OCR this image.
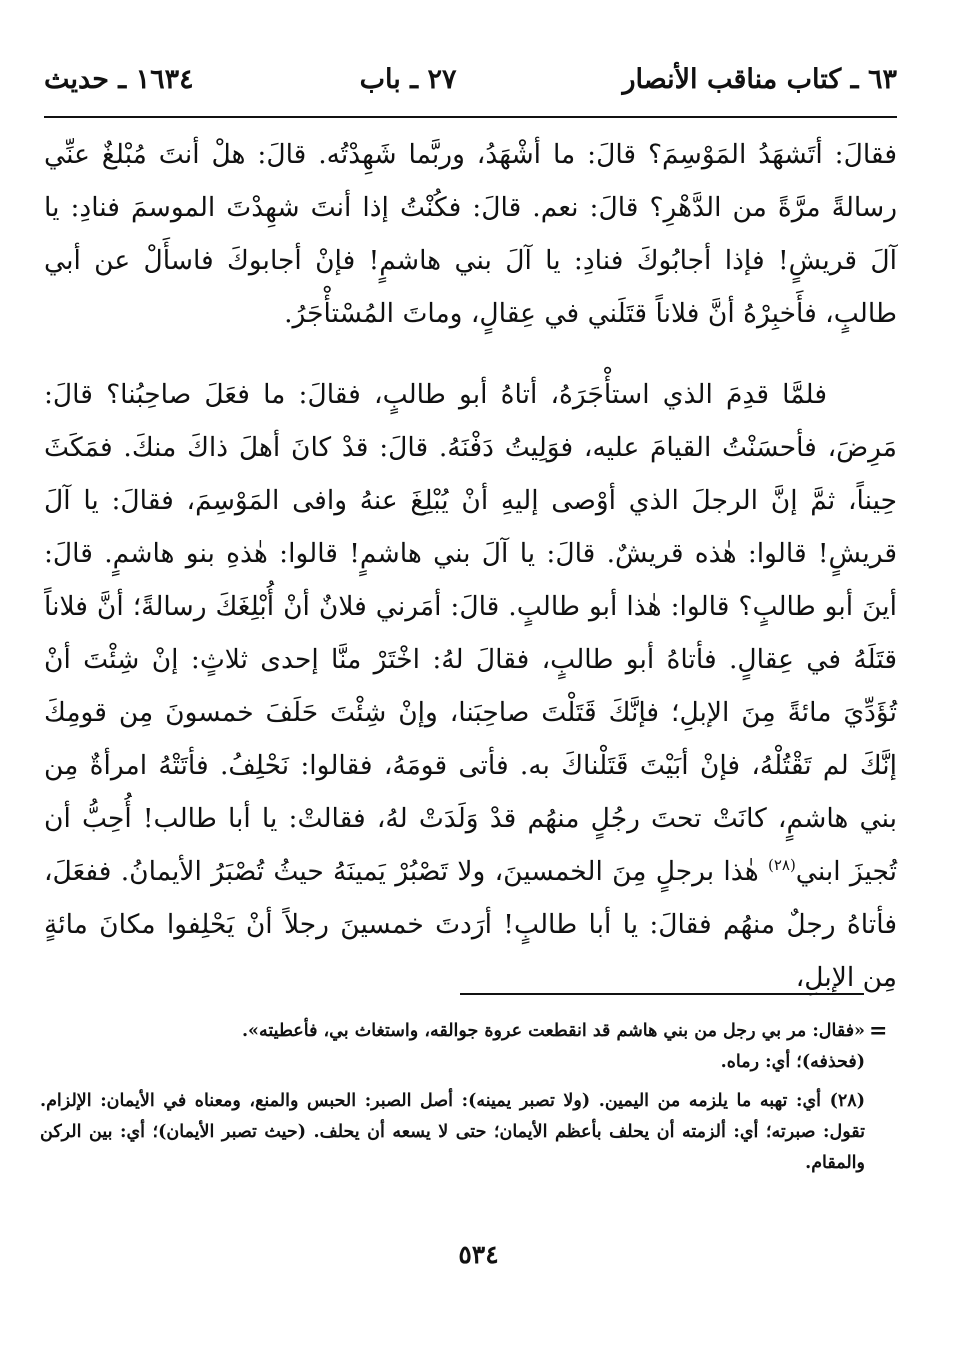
٦٣ ـ كتاب مناقب الأنصار
٢٧ ـ باب
١٦٣٤ ـ حديث

فقالَ: أتَشهَدُ المَوْسِمَ؟ قالَ: ما أشْهَدُ، وربَّما شَهِدْتُه. قالَ: هلْ أنتَ مُبْلغٌ عنِّي رسالةً مرَّةً من الدَّهْرِ؟ قالَ: نعم. قالَ: فكُنْتُ إذا أنتَ شهِدْتَ الموسمَ فنادِ: يا آلَ قريشٍ! فإذا أجابُوكَ فنادِ: يا آلَ بني هاشمٍ! فإنْ أجابوكَ فاسأَلْ عن أبي طالبٍ، فأَخبِرْهُ أنَّ فلاناً قتَلَني في عِقالٍ، وماتَ المُسْتأْجَرُ.

فلمَّا قدِمَ الذي استأْجَرَهُ، أتاهُ أبو طالبٍ، فقالَ: ما فعَلَ صاحِبُنا؟ قالَ: مَرِضَ، فأحسَنْتُ القيامَ عليه، فوَلِيتُ دَفْنَهُ. قالَ: قدْ كانَ أهلَ ذاكَ منكَ. فمَكَثَ حِيناً، ثمَّ إنَّ الرجلَ الذي أوْصى إليهِ أنْ يُبْلِغَ عنهُ وافى المَوْسِمَ، فقالَ: يا آلَ قريشٍ! قالوا: هٰذه قريشٌ. قالَ: يا آلَ بني هاشمٍ! قالوا: هٰذهِ بنو هاشمٍ. قالَ: أينَ أبو طالبٍ؟ قالوا: هٰذا أبو طالبٍ. قالَ: أمَرني فلانٌ أنْ أُبْلِغَكَ رسالةً؛ أنَّ فلاناً قتَلَهُ في عِقالٍ. فأتاهُ أبو طالبٍ، فقالَ لهُ: اخْتَرْ منَّا إحدى ثلاثٍ: إنْ شِئْتَ أنْ تُؤَدِّيَ مائةً مِنَ الإبلِ؛ فإنَّكَ قَتَلْتَ صاحِبَنا، وإنْ شِئْتَ حَلَفَ خمسونَ مِن قومِكَ إنَّكَ لم تَقْتُلْهُ، فإنْ أبَيْتَ قَتَلْناكَ به. فأتى قومَهُ، فقالوا: نَحْلِفُ. فأتَتْهُ امرأةٌ مِن بني هاشمٍ، كانَتْ تحتَ رجُلٍ منهُم قدْ وَلَدَتْ لهُ، فقالتْ: يا أبا طالب! أُحِبُّ أن تُجيزَ ابني$^{(٢٨)}$ هٰذا برجلٍ مِنَ الخمسينَ، ولا تَصْبُرْ يَمينَهُ حيثُ تُصْبَرُ الأيمانُ. ففعَلَ، فأتاهُ رجلٌ منهُم فقالَ: يا أبا طالبٍ! أرَدتَ خمسينَ رجلاً أنْ يَحْلِفوا مكانَ مائةٍ مِن الإبلِ،

=

«فقال: مر بي رجل من بني هاشم قد انقطعت عروة جوالقه، واستغاث بي، فأعطيته».

(فحذفه)؛ أي: رماه.

(٢٨) أي: تهبه ما يلزمه من اليمين. (ولا تصبر يمينه): أصل الصبر: الحبس والمنع، ومعناه في الأيمان: الإلزام. تقول: صبرته؛ أي: ألزمته أن يحلف بأعظم الأيمان؛ حتى لا يسعه أن يحلف. (حيث تصبر الأيمان)؛ أي: بين الركن والمقام.

٥٣٤
